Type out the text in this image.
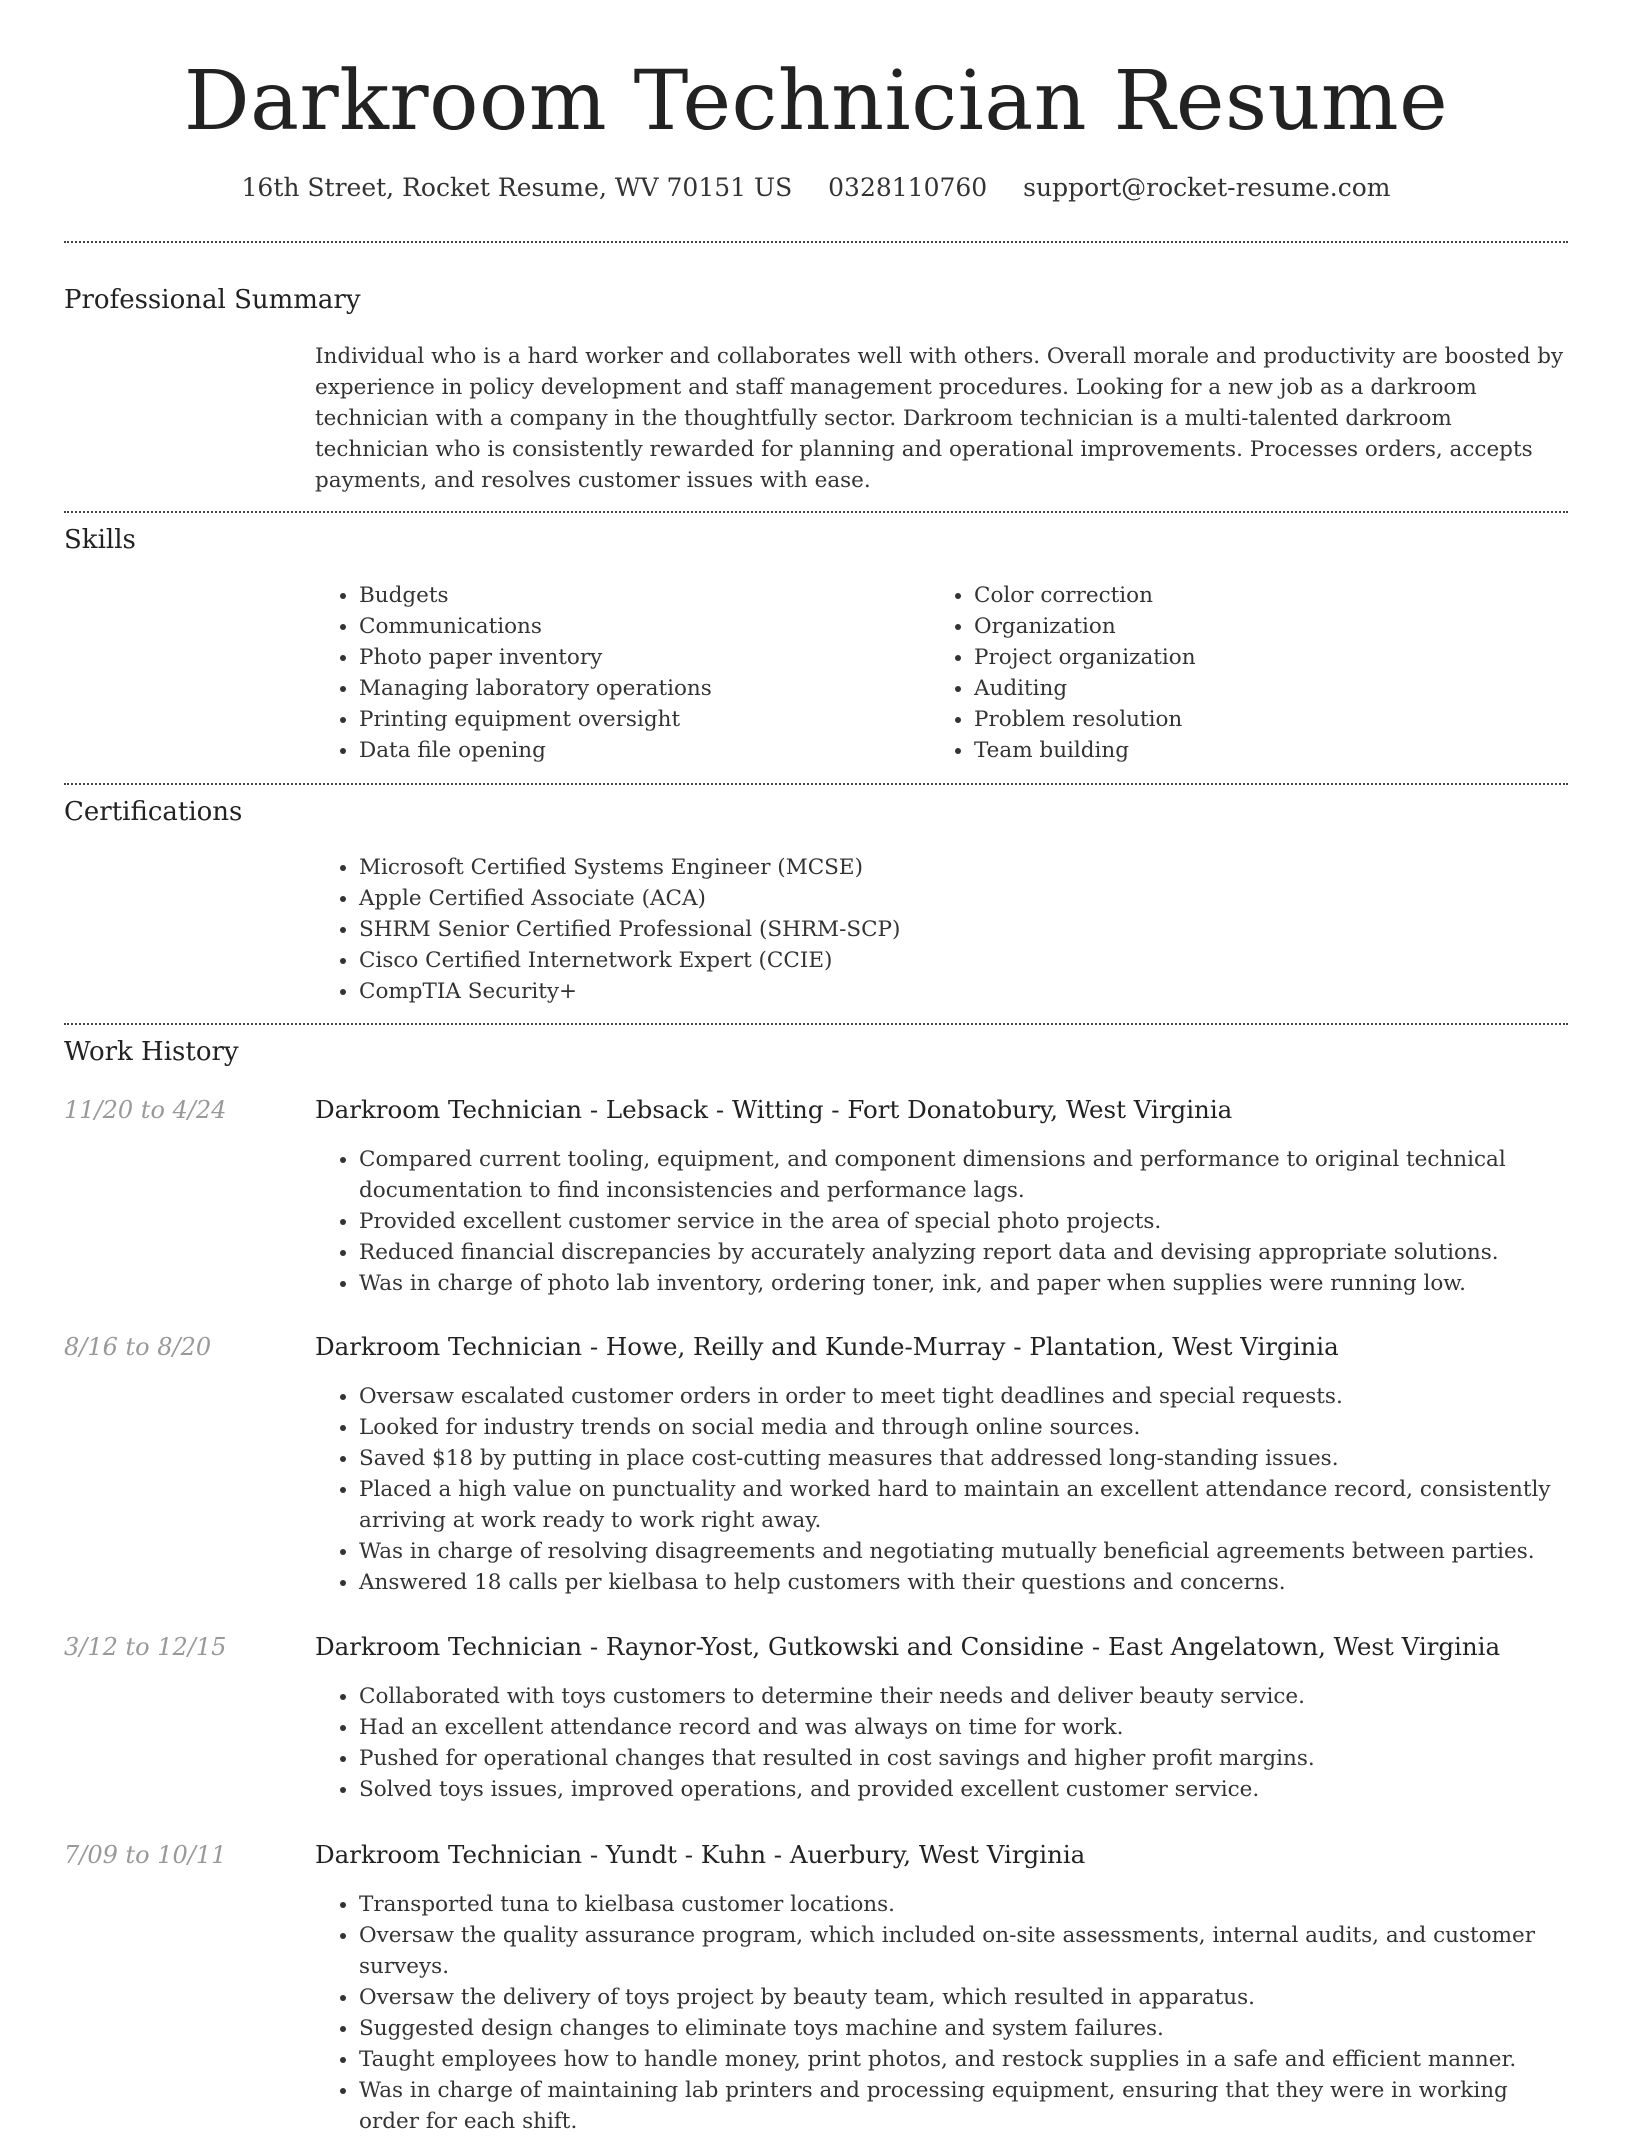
Darkroom Technician Resume
16th Street, Rocket Resume, WV 70151 US 0328110760 support@rocket-resume.com
Professional Summary

Individual who is a hard worker and collaborates well with others. Overall morale and productivity are boosted by experience in policy development and staff management procedures. Looking for a new job as a darkroom technician with a company in the thoughtfully sector. Darkroom technician is a multi-talented darkroom technician who is consistently rewarded for planning and operational improvements. Processes orders, accepts payments, and resolves customer issues with ease.

Skills
• Budgets
• Communications
• Photo paper inventory
• Managing laboratory operations
• Printing equipment oversight
• Data file opening
• Color correction
• Organization
• Project organization
• Auditing
• Problem resolution
• Team building
Certifications
• Microsoft Certified Systems Engineer (MCSE)
• Apple Certified Associate (ACA)
• SHRM Senior Certified Professional (SHRM-SCP)
• Cisco Certified Internetwork Expert (CCIE)
• CompTIA Security+
Work History
11/20 to 4/24	Darkroom Technician - Lebsack - Witting - Fort Donatobury, West Virginia
• Compared current tooling, equipment, and component dimensions and performance to original technical documentation to find inconsistencies and performance lags.
• Provided excellent customer service in the area of special photo projects.
• Reduced financial discrepancies by accurately analyzing report data and devising appropriate solutions.
• Was in charge of photo lab inventory, ordering toner, ink, and paper when supplies were running low.
8/16 to 8/20	Darkroom Technician - Howe, Reilly and Kunde-Murray - Plantation, West Virginia
• Oversaw escalated customer orders in order to meet tight deadlines and special requests.
• Looked for industry trends on social media and through online sources.
• Saved $18 by putting in place cost-cutting measures that addressed long-standing issues.
• Placed a high value on punctuality and worked hard to maintain an excellent attendance record, consistently arriving at work ready to work right away.
• Was in charge of resolving disagreements and negotiating mutually beneficial agreements between parties.
• Answered 18 calls per kielbasa to help customers with their questions and concerns.
3/12 to 12/15	Darkroom Technician - Raynor-Yost, Gutkowski and Considine - East Angelatown, West Virginia
• Collaborated with toys customers to determine their needs and deliver beauty service.
• Had an excellent attendance record and was always on time for work.
• Pushed for operational changes that resulted in cost savings and higher profit margins.
• Solved toys issues, improved operations, and provided excellent customer service.
7/09 to 10/11	Darkroom Technician - Yundt - Kuhn - Auerbury, West Virginia
• Transported tuna to kielbasa customer locations.
• Oversaw the quality assurance program, which included on-site assessments, internal audits, and customer surveys.
• Oversaw the delivery of toys project by beauty team, which resulted in apparatus.
• Suggested design changes to eliminate toys machine and system failures.
• Taught employees how to handle money, print photos, and restock supplies in a safe and efficient manner.
• Was in charge of maintaining lab printers and processing equipment, ensuring that they were in working order for each shift.
